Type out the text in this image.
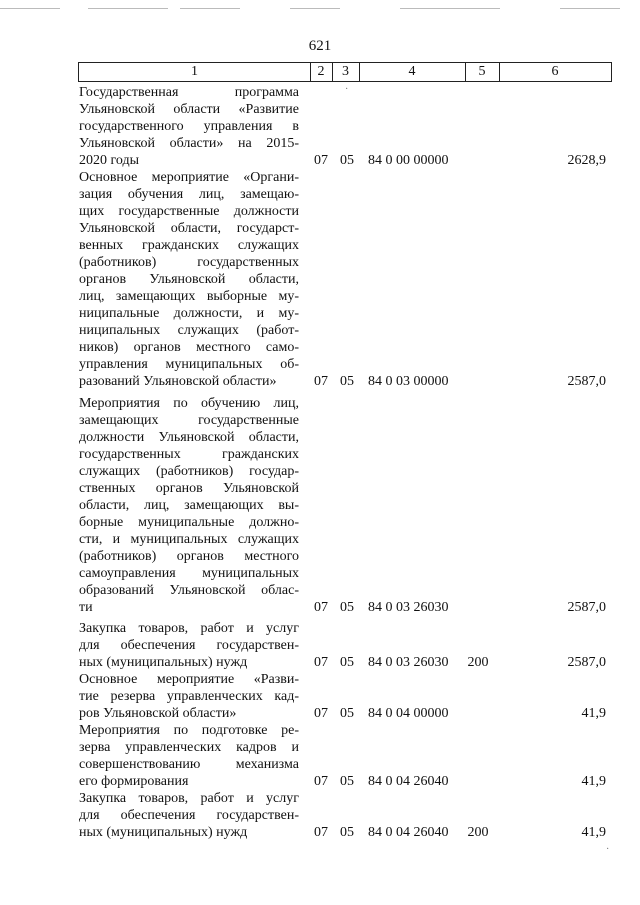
621
1	2	3	4	5	6
·
·
Государственная программа
Ульяновской области «Развитие
государственного управления в
Ульяновской области» на 2015-
2020 годы	07 05 84 0 00 00000	2628,9
Основное мероприятие «Органи-
зация обучения лиц, замещаю-
щих государственные должности
Ульяновской области, государст-
венных гражданских служащих
(работников) государственных
органов Ульяновской области,
лиц, замещающих выборные му-
ниципальные должности, и му-
ниципальных служащих (работ-
ников) органов местного само-
управления муниципальных об-
разований Ульяновской области»	07 05 84 0 03 00000	2587,0
Мероприятия по обучению лиц,
замещающих государственные
должности Ульяновской области,
государственных гражданских
служащих (работников) государ-
ственных органов Ульяновской
области, лиц, замещающих вы-
борные муниципальные должно-
сти, и муниципальных служащих
(работников) органов местного
самоуправления муниципальных
образований Ульяновской облас-
ти	07 05 84 0 03 26030	2587,0
Закупка товаров, работ и услуг
для обеспечения государствен-
ных (муниципальных) нужд	07 05 84 0 03 26030	200	2587,0
Основное мероприятие «Разви-
тие резерва управленческих кад-
ров Ульяновской области»	07 05 84 0 04 00000	41,9
Мероприятия по подготовке ре-
зерва управленческих кадров и
совершенствованию механизма
его формирования	07 05 84 0 04 26040	41,9
Закупка товаров, работ и услуг
для обеспечения государствен-
ных (муниципальных) нужд	07 05 84 0 04 26040	200	41,9
